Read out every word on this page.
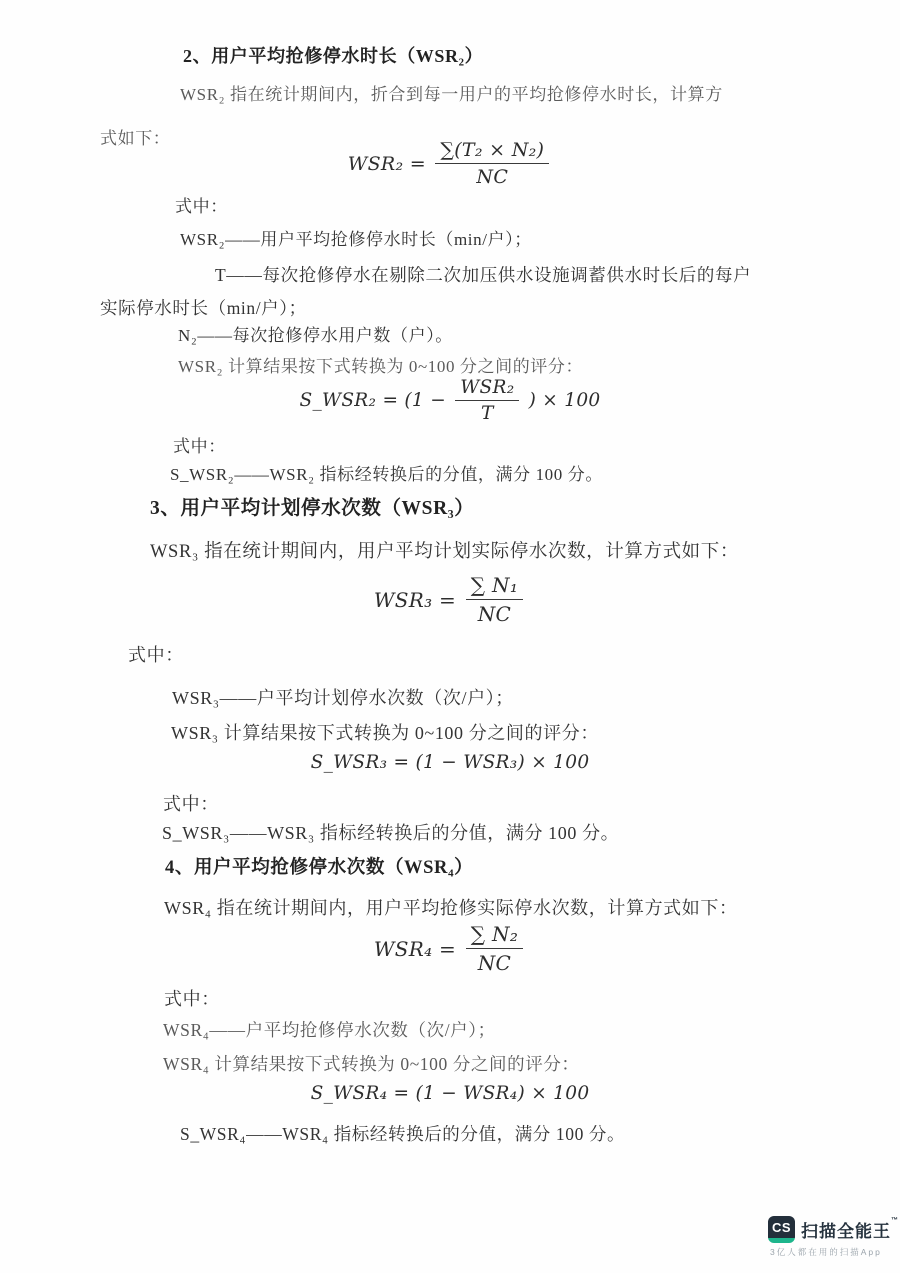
2、用户平均抢修停水时长（WSR₂）
WSR₂ 指在统计期间内，折合到每一用户的平均抢修停水时长，计算方
式如下：
$WSR_2 = \frac{\text{∑(T₂ × N₂)}}{NC}$
式中：
WSR₂——用户平均抢修停水时长（min/户）；
T——每次抢修停水在剔除二次加压供水设施调蓄供水时长后的每户
实际停水时长（min/户）；
N₂——每次抢修停水用户数（户）。
WSR₂ 计算结果按下式转换为 0~100 分之间的评分：
S_WSR₂ = ($1 - \frac{\text{WSR₂}}{T}$ ) × 100
式中：
S_WSR₂——WSR₂ 指标经转换后的分值，满分 100 分。
3、用户平均计划停水次数（WSR₃）
WSR₃ 指在统计期间内，用户平均计划实际停水次数，计算方式如下：
$WSR_3 = \frac{\text{∑ N₁}}{NC}$
式中：
WSR₃——户平均计划停水次数（次/户）；
WSR₃ 计算结果按下式转换为 0~100 分之间的评分：
S_WSR₃ = (1 − WSR₃) × 100
式中：
S_WSR₃——WSR₃ 指标经转换后的分值，满分 100 分。
4、用户平均抢修停水次数（WSR₄）
WSR₄ 指在统计期间内，用户平均抢修实际停水次数，计算方式如下：
$WSR_4 = \frac{\text{∑ N₂}}{NC}$
式中：
WSR₄——户平均抢修停水次数（次/户）；
WSR₄ 计算结果按下式转换为 0~100 分之间的评分：
S_WSR₄ = (1 − WSR₄) × 100
S_WSR₄——WSR₄ 指标经转换后的分值，满分 100 分。
CS 扫描全能王™
3亿人都在用的扫描App
